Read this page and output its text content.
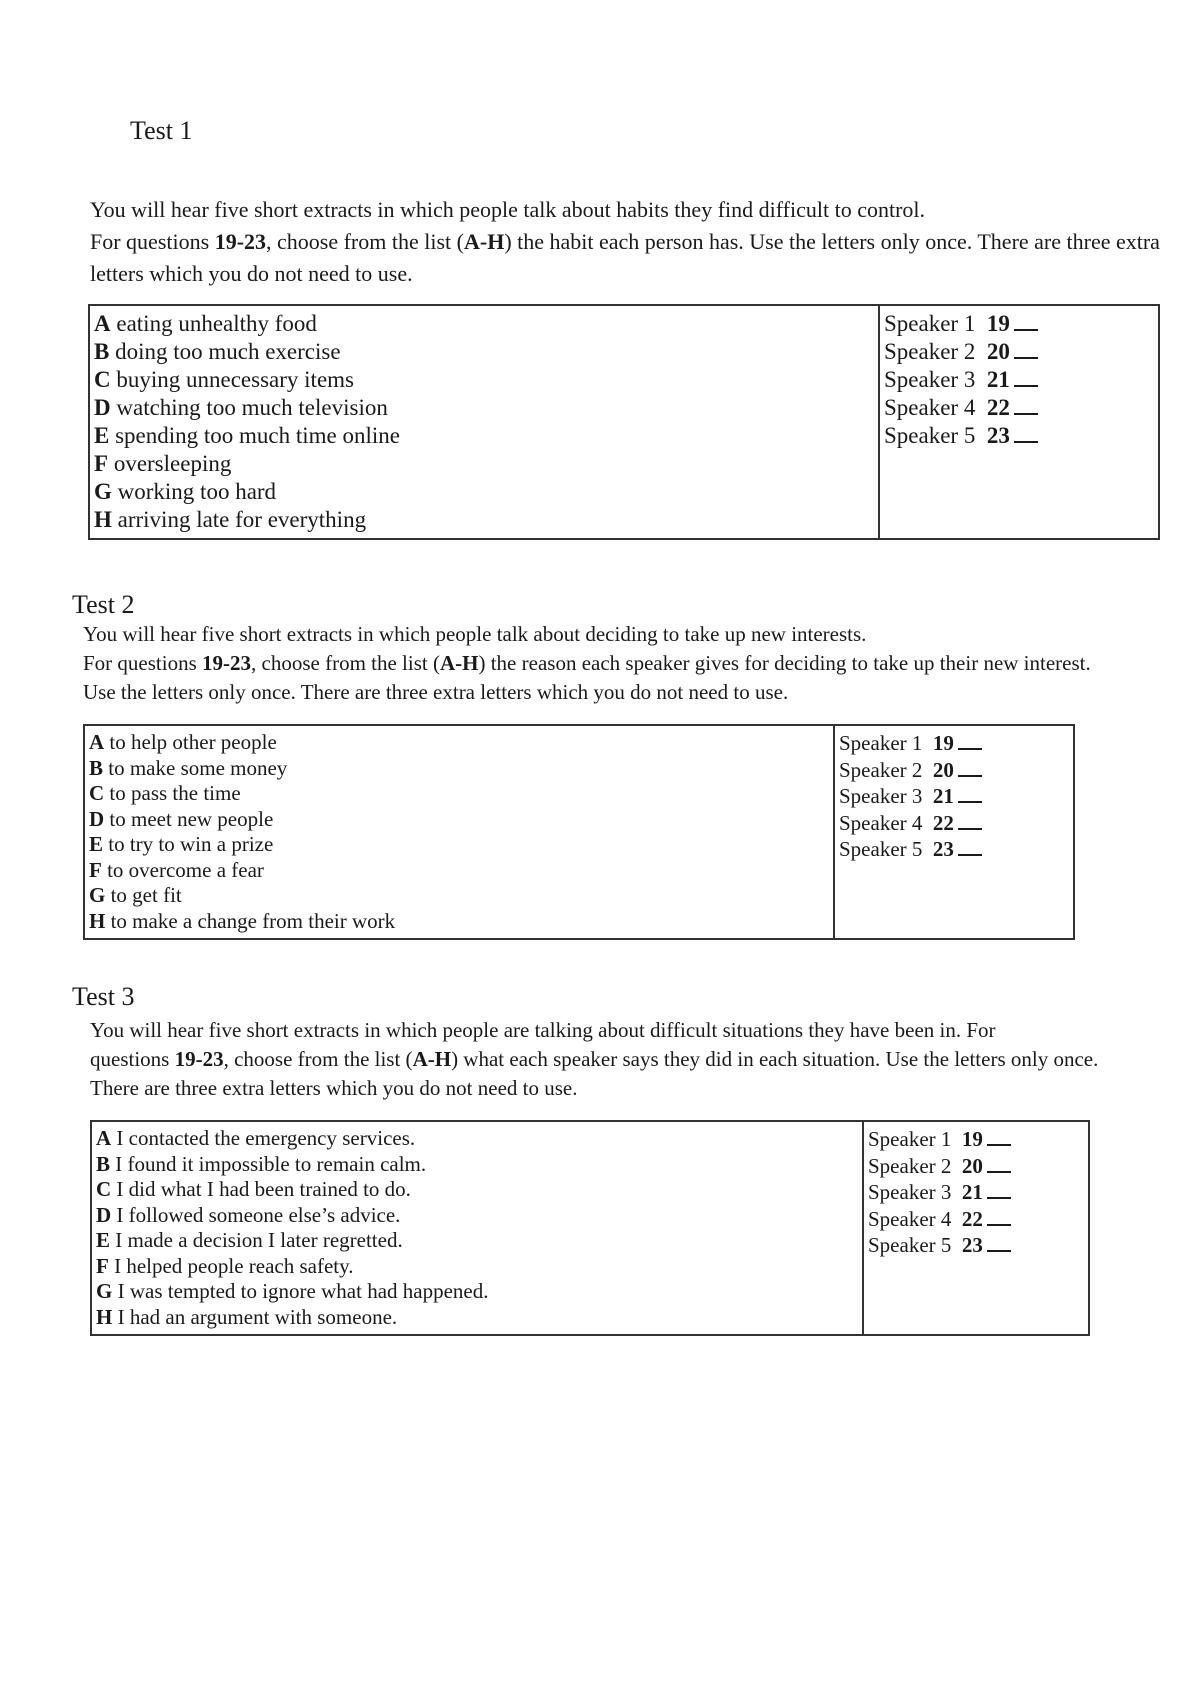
Test 1
You will hear five short extracts in which people talk about habits they find difficult to control.
For questions 19-23, choose from the list (A-H) the habit each person has. Use the letters only once. There are three extra letters which you do not need to use.
A eating unhealthy food
B doing too much exercise
C buying unnecessary items
D watching too much television
E spending too much time online
F oversleeping
G working too hard
H arriving late for everything

Speaker 1 19
Speaker 2 20
Speaker 3 21
Speaker 4 22
Speaker 5 23
Test 2
You will hear five short extracts in which people talk about deciding to take up new interests.
For questions 19-23, choose from the list (A-H) the reason each speaker gives for deciding to take up their new interest. Use the letters only once. There are three extra letters which you do not need to use.
A to help other people
B to make some money
C to pass the time
D to meet new people
E to try to win a prize
F to overcome a fear
G to get fit
H to make a change from their work

Speaker 1 19
Speaker 2 20
Speaker 3 21
Speaker 4 22
Speaker 5 23
Test 3
You will hear five short extracts in which people are talking about difficult situations they have been in. For
questions 19-23, choose from the list (A-H) what each speaker says they did in each situation. Use the letters only once. There are three extra letters which you do not need to use.
A I contacted the emergency services.
B I found it impossible to remain calm.
C I did what I had been trained to do.
D I followed someone else’s advice.
E I made a decision I later regretted.
F I helped people reach safety.
G I was tempted to ignore what had happened.
H I had an argument with someone.

Speaker 1 19
Speaker 2 20
Speaker 3 21
Speaker 4 22
Speaker 5 23
